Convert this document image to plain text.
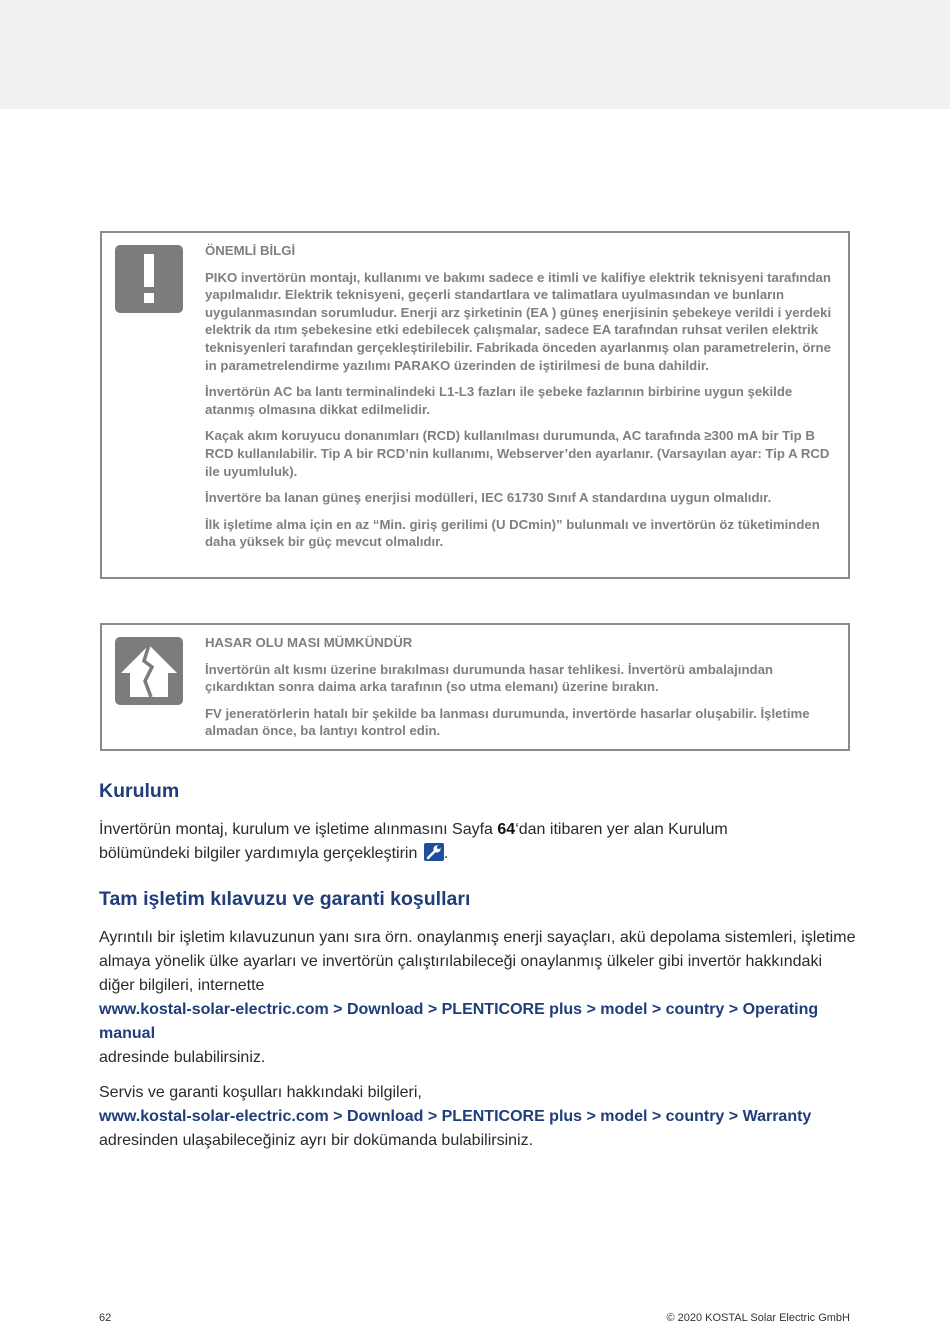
ÖNEMLİ BİLGİ

PIKO invertörün montajı, kullanımı ve bakımı sadece e itimli ve kalifiye elektrik teknisyeni tarafından yapılmalıdır. Elektrik teknisyeni, geçerli standartlara ve talimatlara uyulmasından ve bunların uygulanmasından sorumludur. Enerji arz şirketinin (EA ) güneş enerjisinin şebekeye verildi i yerdeki elektrik da ıtım şebekesine etki edebilecek çalışmalar, sadece EA tarafından ruhsat verilen elektrik teknisyenleri tarafından gerçekleştirilebilir. Fabrikada önceden ayarlanmış olan parametrelerin, örne in parametrelendirme yazılımı PARAKO üzerinden de iştirilmesi de buna dahildir.

İnvertörün AC ba lantı terminalindeki L1-L3 fazları ile şebeke fazlarının birbirine uygun şekilde atanmış olmasına dikkat edilmelidir.

Kaçak akım koruyucu donanımları (RCD) kullanılması durumunda, AC tarafında ≥300 mA bir Tip B RCD kullanılabilir. Tip A bir RCD’nin kullanımı, Webserver’den ayarlanır. (Varsayılan ayar: Tip A RCD ile uyumluluk).

İnvertöre ba lanan güneş enerjisi modülleri, IEC 61730 Sınıf A standardına uygun olmalıdır.

İlk işletime alma için en az “Min. giriş gerilimi (U DCmin)” bulunmalı ve invertörün öz tüketiminden daha yüksek bir güç mevcut olmalıdır.

HASAR OLU MASI MÜMKÜNDÜR

İnvertörün alt kısmı üzerine bırakılması durumunda hasar tehlikesi. İnvertörü ambalajından çıkardıktan sonra daima arka tarafının (so utma elemanı) üzerine bırakın.

FV jeneratörlerin hatalı bir şekilde ba lanması durumunda, invertörde hasarlar oluşabilir. İşletime almadan önce, ba lantıyı kontrol edin.

Kurulum

İnvertörün montaj, kurulum ve işletime alınmasını Sayfa 64‘dan itibaren yer alan Kurulum bölümündeki bilgiler yardımıyla gerçekleştirin .

Tam işletim kılavuzu ve garanti koşulları
Ayrıntılı bir işletim kılavuzunun yanı sıra örn. onaylanmış enerji sayaçları, akü depolama sistemleri, işletime almaya yönelik ülke ayarları ve invertörün çalıştırılabileceği onaylanmış ülkeler gibi invertör hakkındaki diğer bilgileri, internette
www.kostal-solar-electric.com > Download > PLENTICORE plus > model > country > Operating manual
adresinde bulabilirsiniz.
Servis ve garanti koşulları hakkındaki bilgileri,
www.kostal-solar-electric.com > Download > PLENTICORE plus > model > country > Warranty
adresinden ulaşabileceğiniz ayrı bir dokümanda bulabilirsiniz.
62	© 2020 KOSTAL Solar Electric GmbH
